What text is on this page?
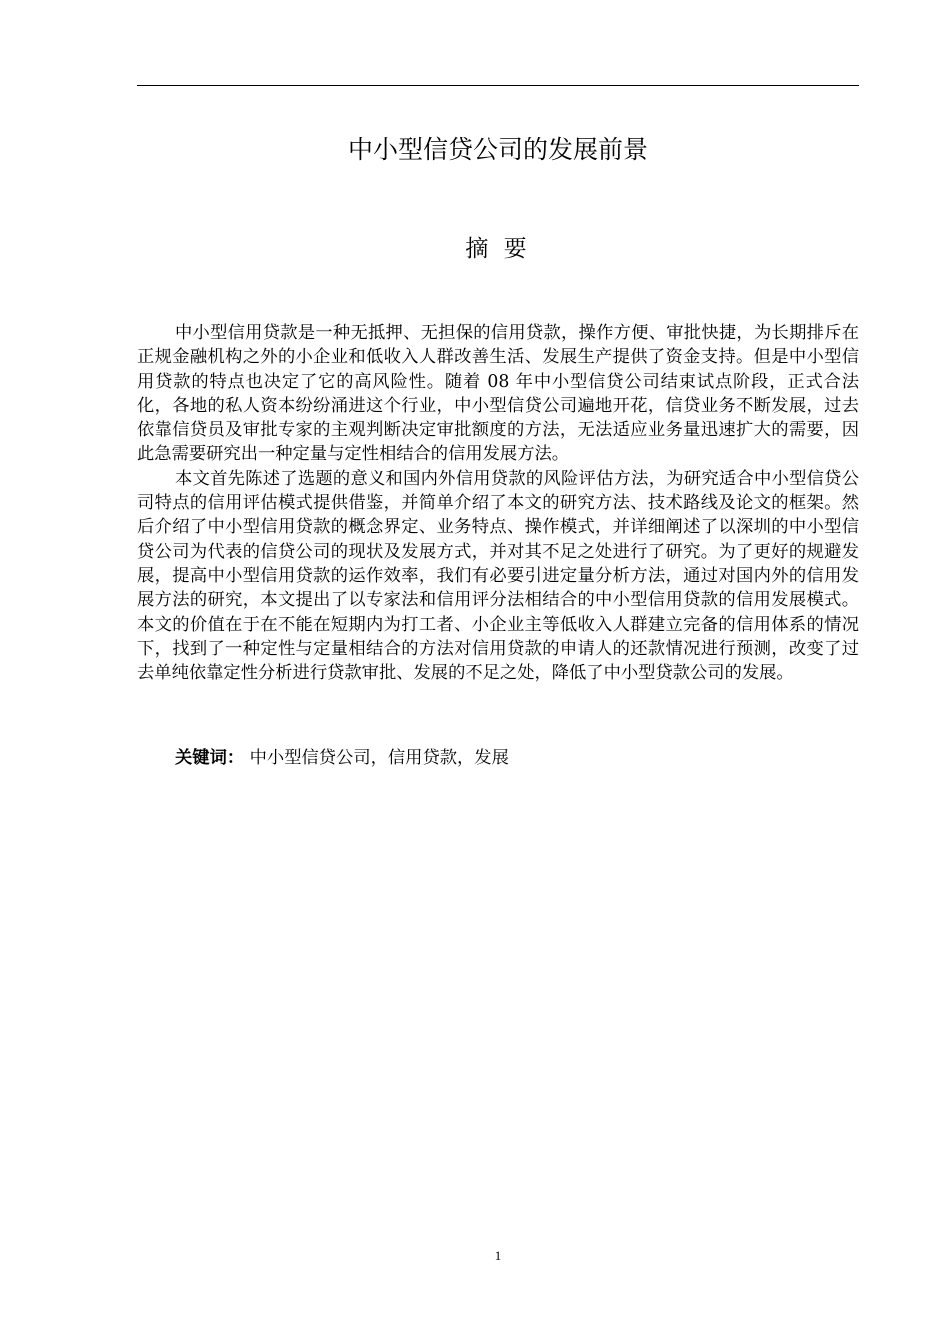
中小型信贷公司的发展前景
摘 要

中小型信用贷款是一种无抵押、无担保的信用贷款，操作方便、审批快捷，为长期排斥在正规金融机构之外的小企业和低收入人群改善生活、发展生产提供了资金支持。但是中小型信用贷款的特点也决定了它的高风险性。随着 08 年中小型信贷公司结束试点阶段，正式合法化，各地的私人资本纷纷涌进这个行业，中小型信贷公司遍地开花，信贷业务不断发展，过去依靠信贷员及审批专家的主观判断决定审批额度的方法，无法适应业务量迅速扩大的需要，因此急需要研究出一种定量与定性相结合的信用发展方法。

本文首先陈述了选题的意义和国内外信用贷款的风险评估方法，为研究适合中小型信贷公司特点的信用评估模式提供借鉴，并简单介绍了本文的研究方法、技术路线及论文的框架。然后介绍了中小型信用贷款的概念界定、业务特点、操作模式，并详细阐述了以深圳的中小型信贷公司为代表的信贷公司的现状及发展方式，并对其不足之处进行了研究。为了更好的规避发展，提高中小型信用贷款的运作效率，我们有必要引进定量分析方法，通过对国内外的信用发展方法的研究，本文提出了以专家法和信用评分法相结合的中小型信用贷款的信用发展模式。本文的价值在于在不能在短期内为打工者、小企业主等低收入人群建立完备的信用体系的情况下，找到了一种定性与定量相结合的方法对信用贷款的申请人的还款情况进行预测，改变了过去单纯依靠定性分析进行贷款审批、发展的不足之处，降低了中小型贷款公司的发展。

关键词： 中小型信贷公司，信用贷款，发展
1
